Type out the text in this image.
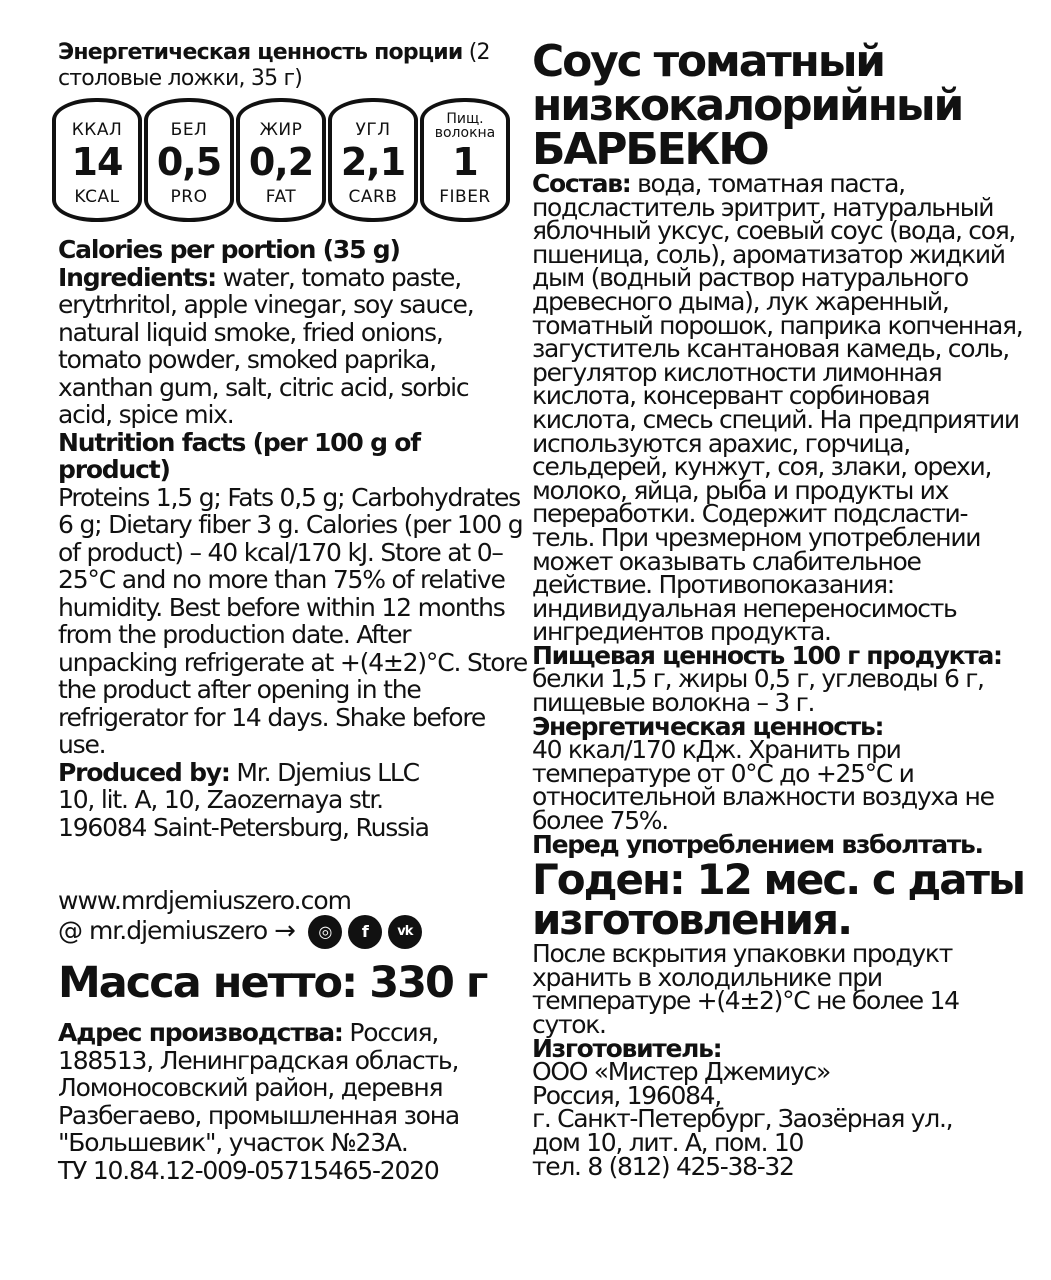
Энергетическая ценность порции (2 столовые ложки, 35 г)

ККАЛ
14
KCAL
БЕЛ
0,5
PRO
ЖИР
0,2
FAT
УГЛ
2,1
CARB
Пищ. волокна
1
FIBER

Calories per portion (35 g)

Ingredients: water, tomato paste, erytrhritol, apple vinegar, soy sauce, natural liquid smoke, fried onions, tomato powder, smoked paprika, xanthan gum, salt, citric acid, sorbic acid, spice mix.

Nutrition facts (per 100 g of product)

Proteins 1,5 g; Fats 0,5 g; Carbohydrates 6 g; Dietary fiber 3 g. Calories (per 100 g of product) – 40 kcal/170 kJ. Store at 0–25°C and no more than 75% of relative humidity. Best before within 12 months from the production date. After unpacking refrigerate at +(4±2)°C. Store the product after opening in the refrigerator for 14 days. Shake before use.

Produced by: Mr. Djemius LLC

10, lit. A, 10, Zaozernaya str.

196084 Saint-Petersburg, Russia

www.mrdjemiuszero.com
@ mr.djemiuszero →	◎	f	vk
Масса нетто: 330 г

Адрес производства: Россия, 188513, Ленинградская область, Ломоносовский район, деревня Разбегаево, промышленная зона "Большевик", участок №23А.

ТУ 10.84.12-009-05715465-2020

Соус томатный
низкокалорийный
БАРБЕКЮ

Состав: вода, томатная паста, подсластитель эритрит, натуральный яблочный уксус, соевый соус (вода, соя, пшеница, соль), ароматизатор жидкий дым (водный раствор натурального древесного дыма), лук жаренный, томатный порошок, паприка копченная, загуститель ксантановая камедь, соль, регулятор кислотности лимонная кислота, консервант сорбиновая кислота, смесь специй. На предприятии используются арахис, горчица, сельдерей, кунжут, соя, злаки, орехи, молоко, яйца, рыба и продукты их переработки. Содержит подсласти- тель. При чрезмерном употреблении может оказывать слабительное действие. Противопоказания: индивидуальная непереносимость ингредиентов продукта.

Пищевая ценность 100 г продукта: белки 1,5 г, жиры 0,5 г, углеводы 6 г, пищевые волокна – 3 г.

Энергетическая ценность:

40 ккал/170 кДж. Хранить при температуре от 0°С до +25°С и относительной влажности воздуха не более 75%.

Перед употреблением взболтать.

Годен: 12 мес. с даты изготовления.

После вскрытия упаковки продукт хранить в холодильнике при температуре +(4±2)°С не более 14 суток.

Изготовитель:

ООО «Мистер Джемиус»

Россия, 196084,

г. Санкт-Петербург, Заозёрная ул.,

дом 10, лит. А, пом. 10

тел. 8 (812) 425-38-32
